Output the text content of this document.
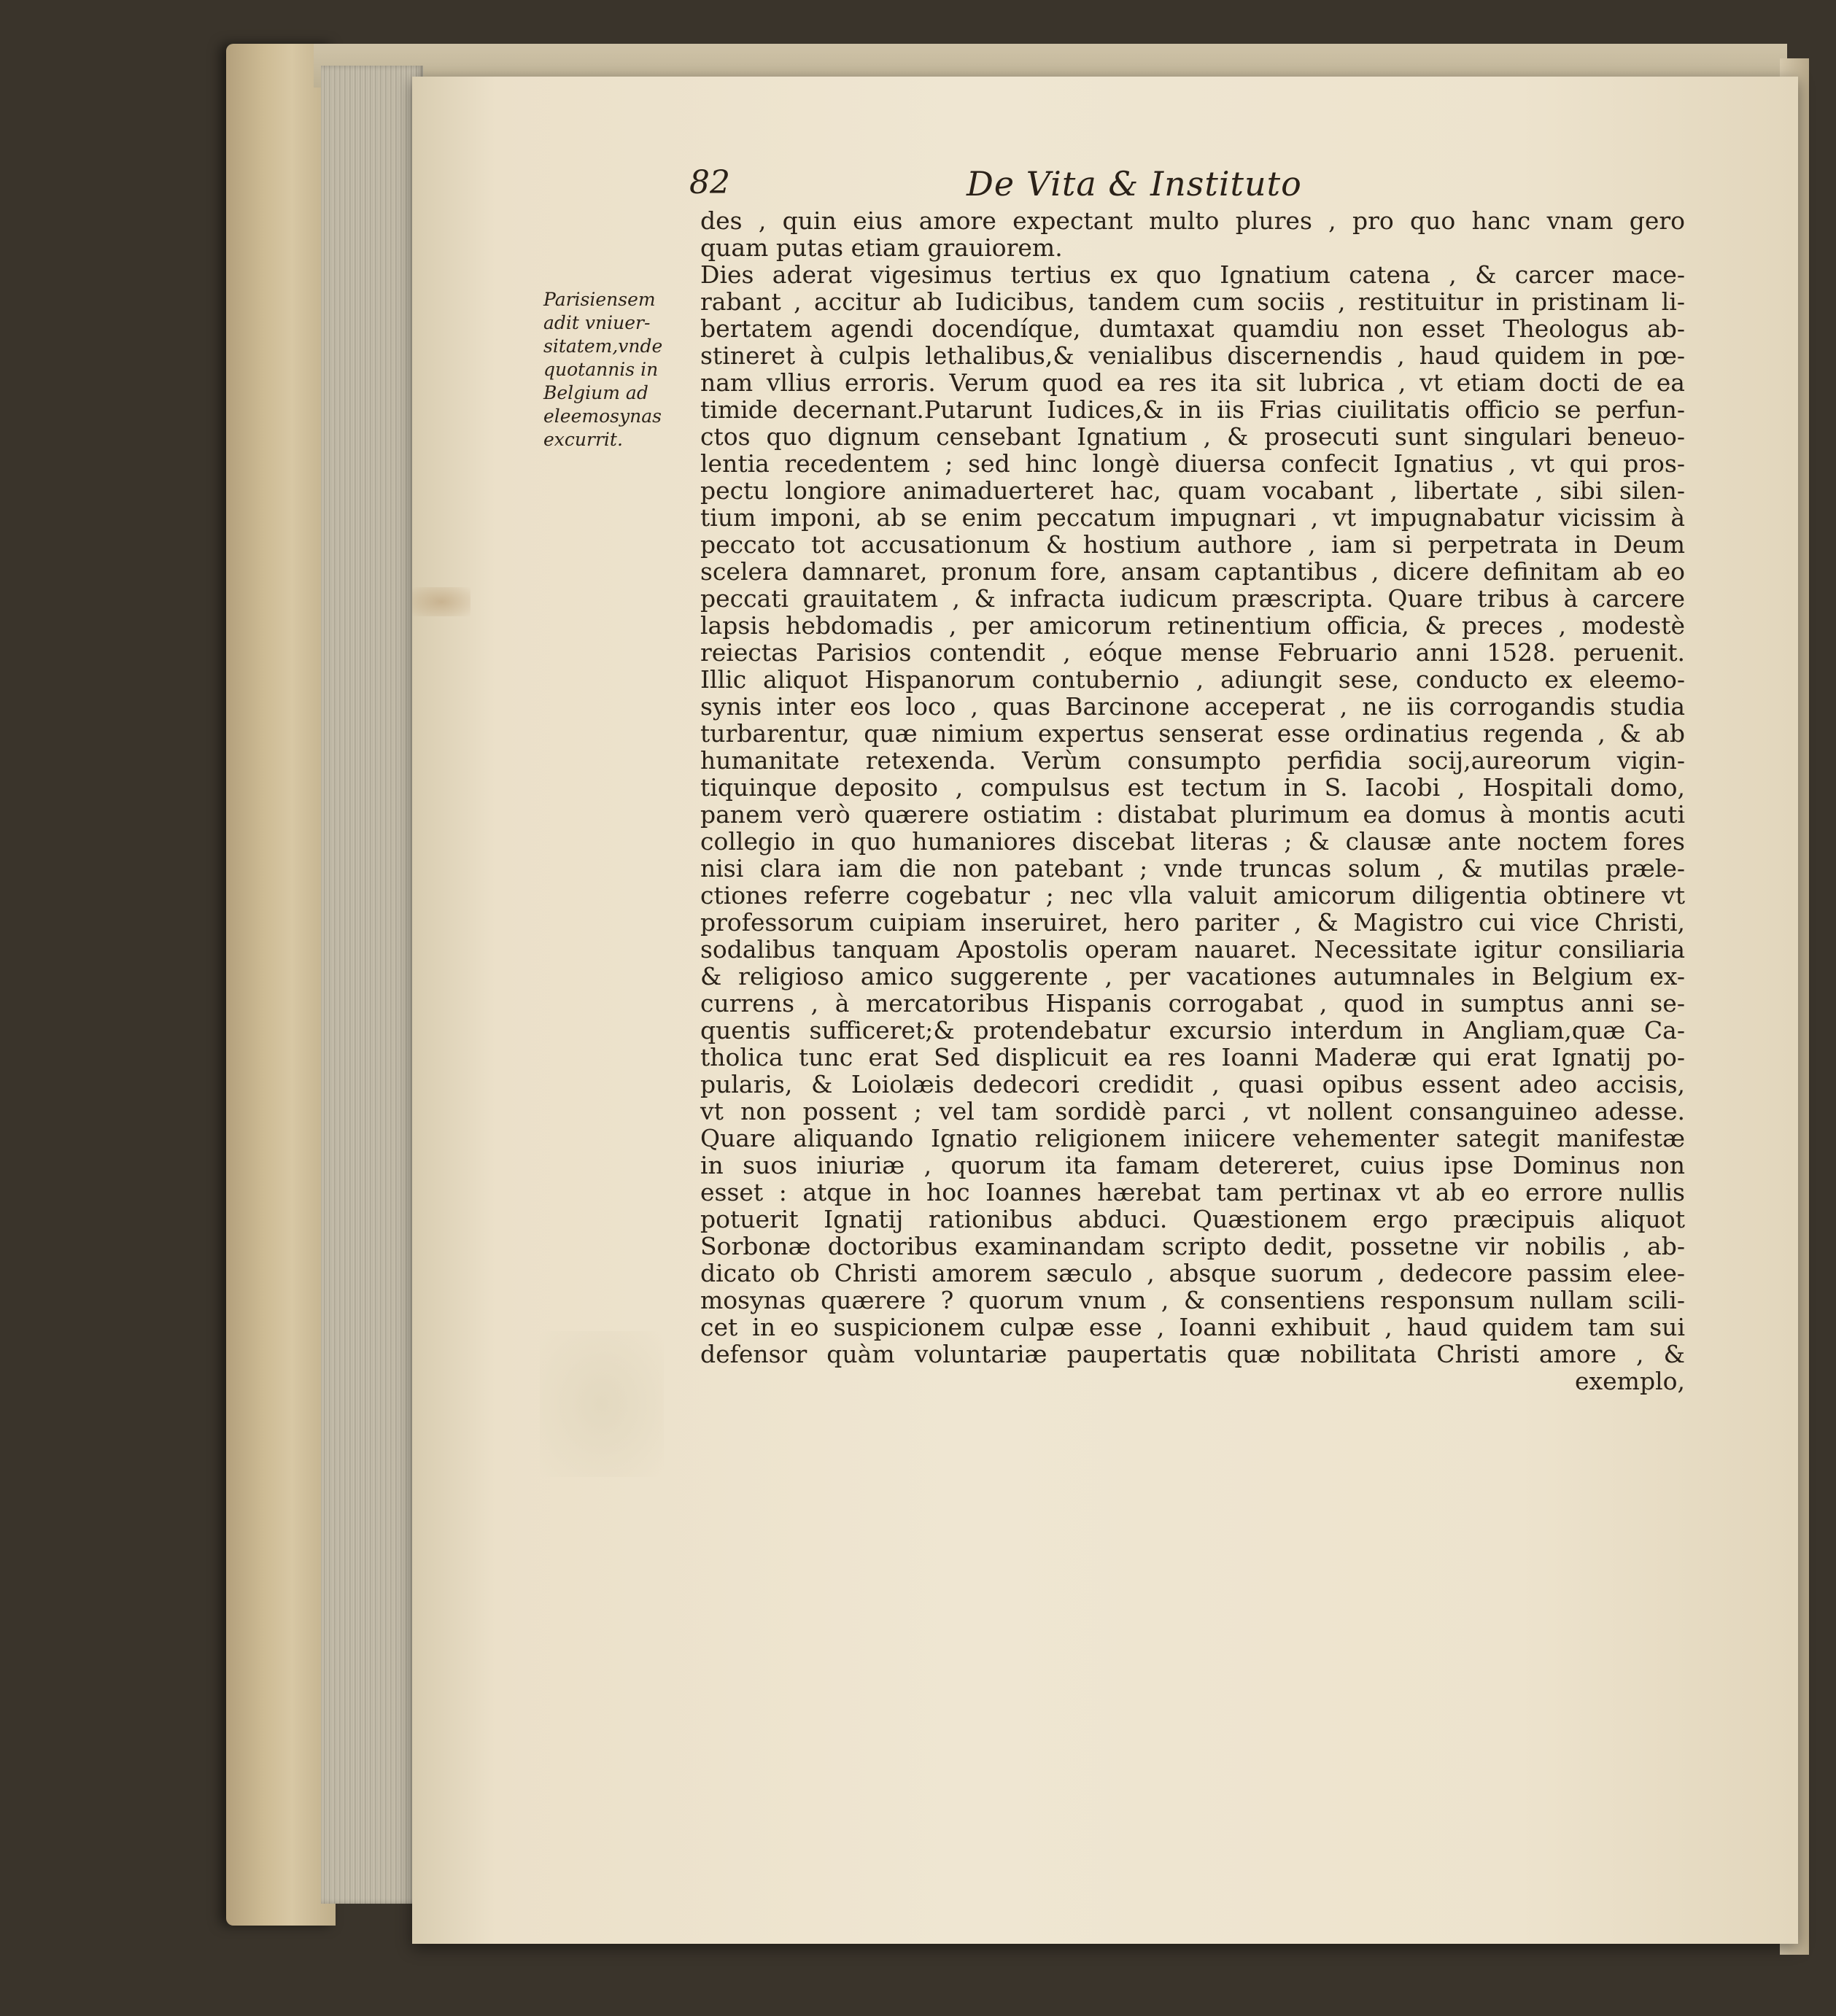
82	De Vita & Instituto
Parisiensem
adit vniuer-
sitatem,vnde
quotannis in
Belgium ad
eleemosynas
excurrit.
des , quin eius amore expectant multo plures , pro quo hanc vnam gero
quam putas etiam grauiorem.
Dies aderat vigesimus tertius ex quo Ignatium catena , & carcer mace-
rabant , accitur ab Iudicibus, tandem cum sociis , restituitur in pristinam li-
bertatem agendi docendíque, dumtaxat quamdiu non esset Theologus ab-
stineret à culpis lethalibus,& venialibus discernendis , haud quidem in pœ-
nam vllius erroris. Verum quod ea res ita sit lubrica , vt etiam docti de ea
timide decernant.Putarunt Iudices,& in iis Frias ciuilitatis officio se perfun-
ctos quo dignum censebant Ignatium , & prosecuti sunt singulari beneuo-
lentia recedentem ; sed hinc longè diuersa confecit Ignatius , vt qui pros-
pectu longiore animaduerteret hac, quam vocabant , libertate , sibi silen-
tium imponi, ab se enim peccatum impugnari , vt impugnabatur vicissim à
peccato tot accusationum & hostium authore , iam si perpetrata in Deum
scelera damnaret, pronum fore, ansam captantibus , dicere definitam ab eo
peccati grauitatem , & infracta iudicum præscripta. Quare tribus à carcere
lapsis hebdomadis , per amicorum retinentium officia, & preces , modestè
reiectas Parisios contendit , eóque mense Februario anni 1528. peruenit.
Illic aliquot Hispanorum contubernio , adiungit sese, conducto ex eleemo-
synis inter eos loco , quas Barcinone acceperat , ne iis corrogandis studia
turbarentur, quæ nimium expertus senserat esse ordinatius regenda , & ab
humanitate retexenda. Verùm consumpto perfidia socij,aureorum vigin-
tiquinque deposito , compulsus est tectum in S. Iacobi , Hospitali domo,
panem verò quærere ostiatim : distabat plurimum ea domus à montis acuti
collegio in quo humaniores discebat literas ; & clausæ ante noctem fores
nisi clara iam die non patebant ; vnde truncas solum , & mutilas præle-
ctiones referre cogebatur ; nec vlla valuit amicorum diligentia obtinere vt
professorum cuipiam inseruiret, hero pariter , & Magistro cui vice Christi,
sodalibus tanquam Apostolis operam nauaret. Necessitate igitur consiliaria
& religioso amico suggerente , per vacationes autumnales in Belgium ex-
currens , à mercatoribus Hispanis corrogabat , quod in sumptus anni se-
quentis sufficeret;& protendebatur excursio interdum in Angliam,quæ Ca-
tholica tunc erat Sed displicuit ea res Ioanni Maderæ qui erat Ignatij po-
pularis, & Loiolæis dedecori credidit , quasi opibus essent adeo accisis,
vt non possent ; vel tam sordidè parci , vt nollent consanguineo adesse.
Quare aliquando Ignatio religionem iniicere vehementer sategit manifestæ
in suos iniuriæ , quorum ita famam detereret, cuius ipse Dominus non
esset : atque in hoc Ioannes hærebat tam pertinax vt ab eo errore nullis
potuerit Ignatij rationibus abduci. Quæstionem ergo præcipuis aliquot
Sorbonæ doctoribus examinandam scripto dedit, possetne vir nobilis , ab-
dicato ob Christi amorem sæculo , absque suorum , dedecore passim elee-
mosynas quærere ? quorum vnum , & consentiens responsum nullam scili-
cet in eo suspicionem culpæ esse , Ioanni exhibuit , haud quidem tam sui
defensor quàm voluntariæ paupertatis quæ nobilitata Christi amore , &
exemplo,
